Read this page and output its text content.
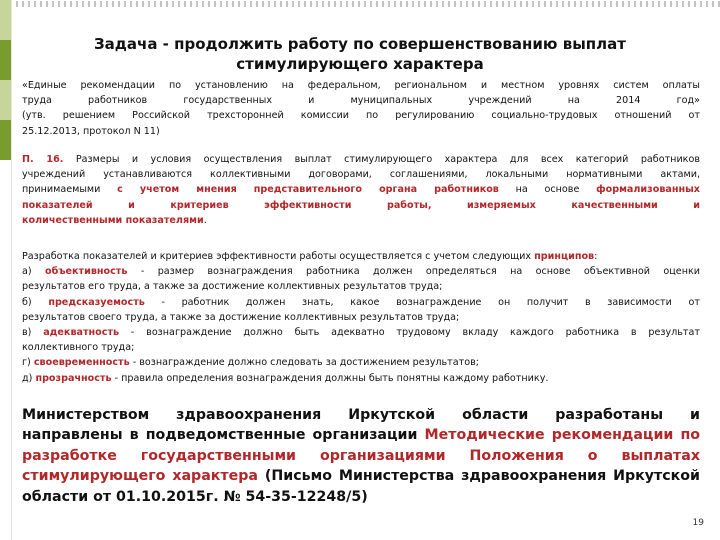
Задача - продолжить работу по совершенствованию выплат
стимулирующего характера
«Единые рекомендации по установлению на федеральном, региональном и местном уровнях систем оплаты
труда работников государственных и муниципальных учреждений на 2014 год»
(утв. решением Российской трехсторонней комиссии по регулированию социально-трудовых отношений от
25.12.2013, протокол N 11)
П. 16. Размеры и условия осуществления выплат стимулирующего характера для всех категорий работников
учреждений устанавливаются коллективными договорами, соглашениями, локальными нормативными актами,
принимаемыми с учетом мнения представительного органа работников на основе формализованных
показателей и критериев эффективности работы, измеряемых качественными и
количественными показателями.
Разработка показателей и критериев эффективности работы осуществляется с учетом следующих принципов:
а) объективность - размер вознаграждения работника должен определяться на основе объективной оценки
результатов его труда, а также за достижение коллективных результатов труда;
б) предсказуемость - работник должен знать, какое вознаграждение он получит в зависимости от
результатов своего труда, а также за достижение коллективных результатов труда;
в) адекватность - вознаграждение должно быть адекватно трудовому вкладу каждого работника в результат
коллективного труда;
г) своевременность - вознаграждение должно следовать за достижением результатов;
д) прозрачность - правила определения вознаграждения должны быть понятны каждому работнику.
Министерством здравоохранения Иркутской области разработаны и
направлены в подведомственные организации Методические рекомендации по
разработке государственными организациями Положения о выплатах
стимулирующего характера (Письмо Министерства здравоохранения Иркутской
области от 01.10.2015г. № 54-35-12248/5)
19
